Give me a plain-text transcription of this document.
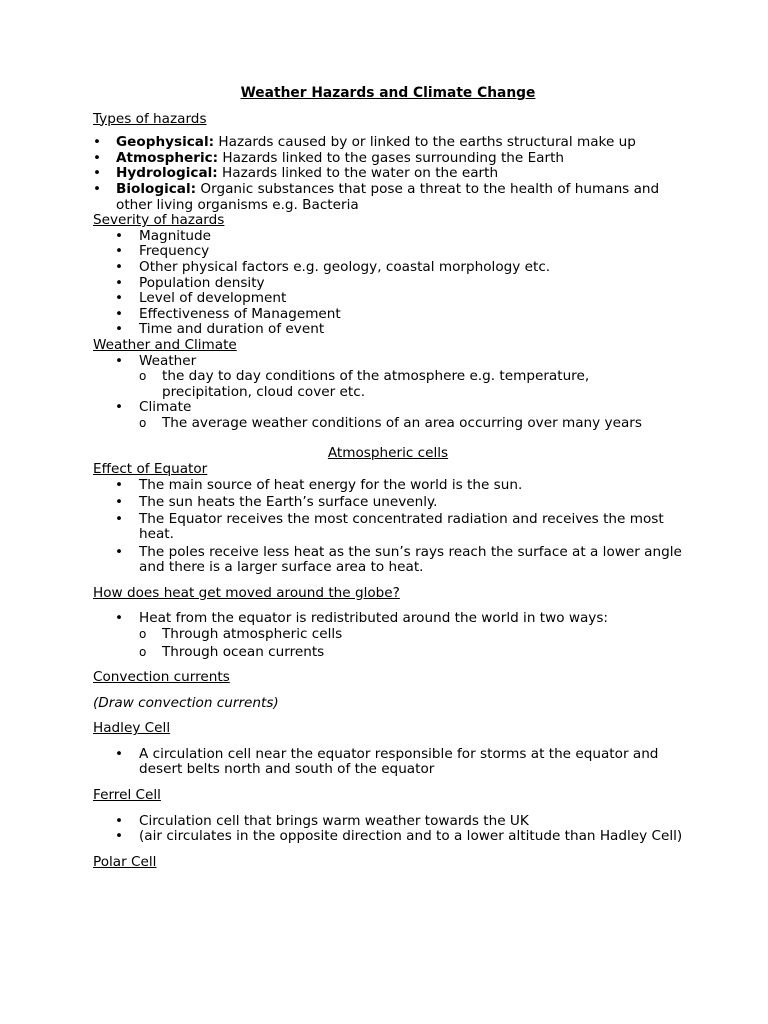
Weather Hazards and Climate Change
Types of hazards
• Geophysical: Hazards caused by or linked to the earths structural make up
• Atmospheric: Hazards linked to the gases surrounding the Earth
• Hydrological: Hazards linked to the water on the earth
• Biological: Organic substances that pose a threat to the health of humans and other living organisms e.g. Bacteria
Severity of hazards
• Magnitude
• Frequency
• Other physical factors e.g. geology, coastal morphology etc.
• Population density
• Level of development
• Effectiveness of Management
• Time and duration of event
Weather and Climate
• Weather
o the day to day conditions of the atmosphere e.g. temperature, precipitation, cloud cover etc.
• Climate
o The average weather conditions of an area occurring over many years
Atmospheric cells
Effect of Equator
• The main source of heat energy for the world is the sun.
• The sun heats the Earth’s surface unevenly.
• The Equator receives the most concentrated radiation and receives the most heat.
• The poles receive less heat as the sun’s rays reach the surface at a lower angle and there is a larger surface area to heat.
How does heat get moved around the globe?
• Heat from the equator is redistributed around the world in two ways:
o Through atmospheric cells
o Through ocean currents
Convection currents
(Draw convection currents)
Hadley Cell
• A circulation cell near the equator responsible for storms at the equator and desert belts north and south of the equator
Ferrel Cell
• Circulation cell that brings warm weather towards the UK
• (air circulates in the opposite direction and to a lower altitude than Hadley Cell)
Polar Cell
